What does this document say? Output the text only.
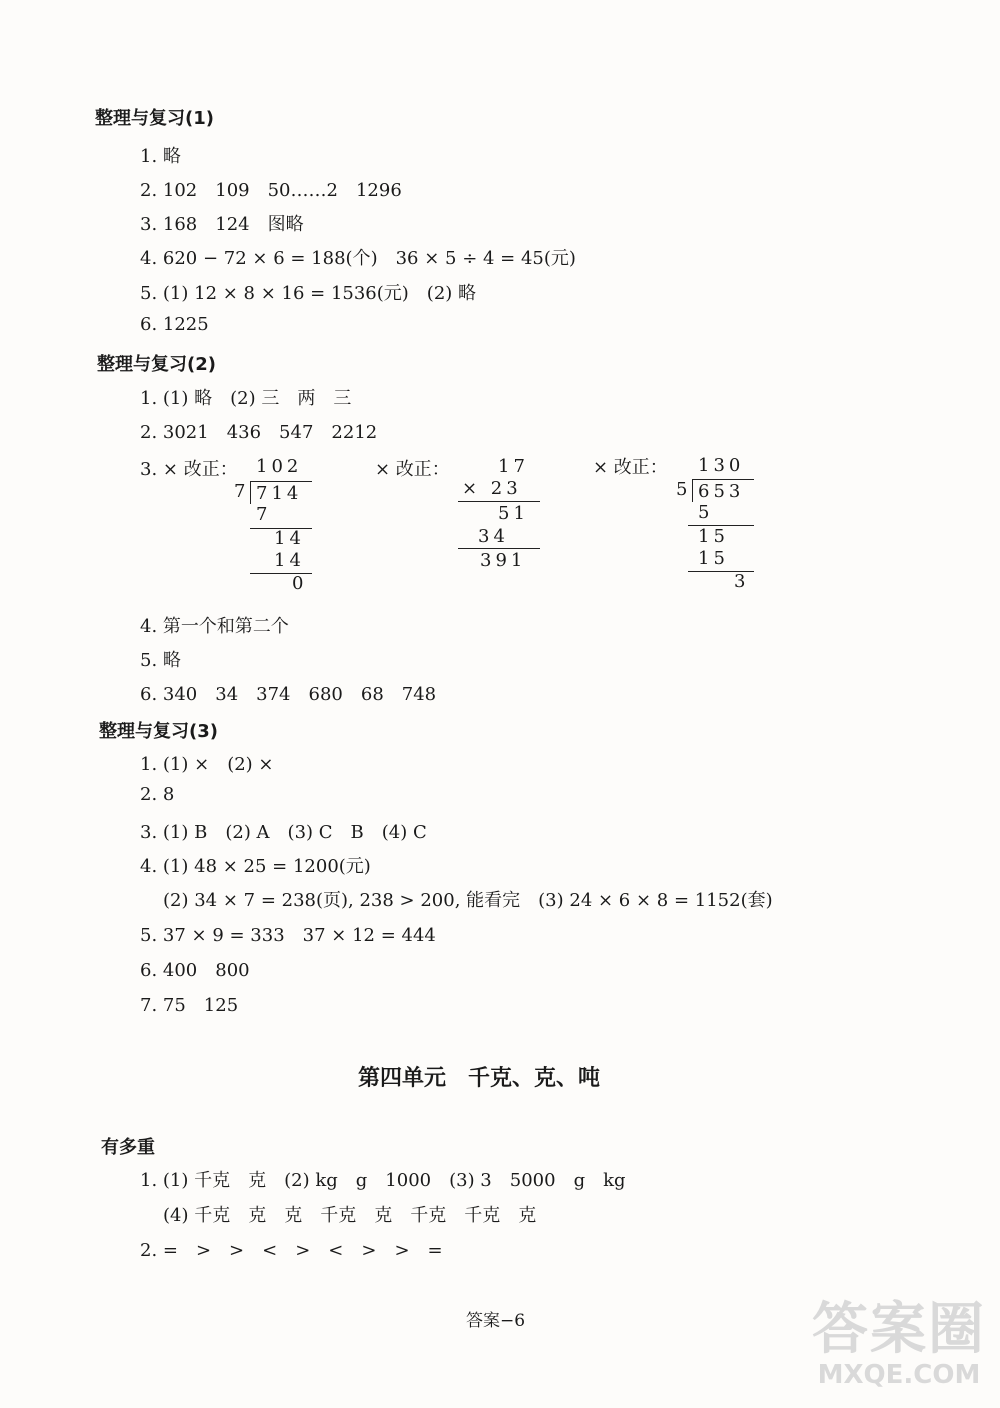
整理与复习(1)
1. 略
2. 102　109　50……2　1296
3. 168　124　图略
4. 620 − 72 × 6 = 188(个)　36 × 5 ÷ 4 = 45(元)
5. (1) 12 × 8 × 16 = 1536(元)　(2) 略
6. 1225
整理与复习(2)
1. (1) 略　(2) 三　两　三
2. 3021　436　547　2212
3. × 改正：	× 改正：	× 改正：
102
7 714
7
14
14
0
17
× 23
51
34
391
130
5 653
5
15
15
3
4. 第一个和第二个
5. 略
6. 340　34　374　680　68　748
整理与复习(3)
1. (1) ×　(2) ×
2. 8
3. (1) B　(2) A　(3) C　B　(4) C
4. (1) 48 × 25 = 1200(元)
(2) 34 × 7 = 238(页), 238 > 200, 能看完　(3) 24 × 6 × 8 = 1152(套)
5. 37 × 9 = 333　37 × 12 = 444
6. 400　800
7. 75　125
第四单元　千克、克、吨
有多重
1. (1) 千克　克　(2) kg　g　1000　(3) 3　5000　g　kg
(4) 千克　克　克　千克　克　千克　千克　克
2. =　>　>　<　>　<　>　>　=
答案−6	答案圈
MXQE.COM
